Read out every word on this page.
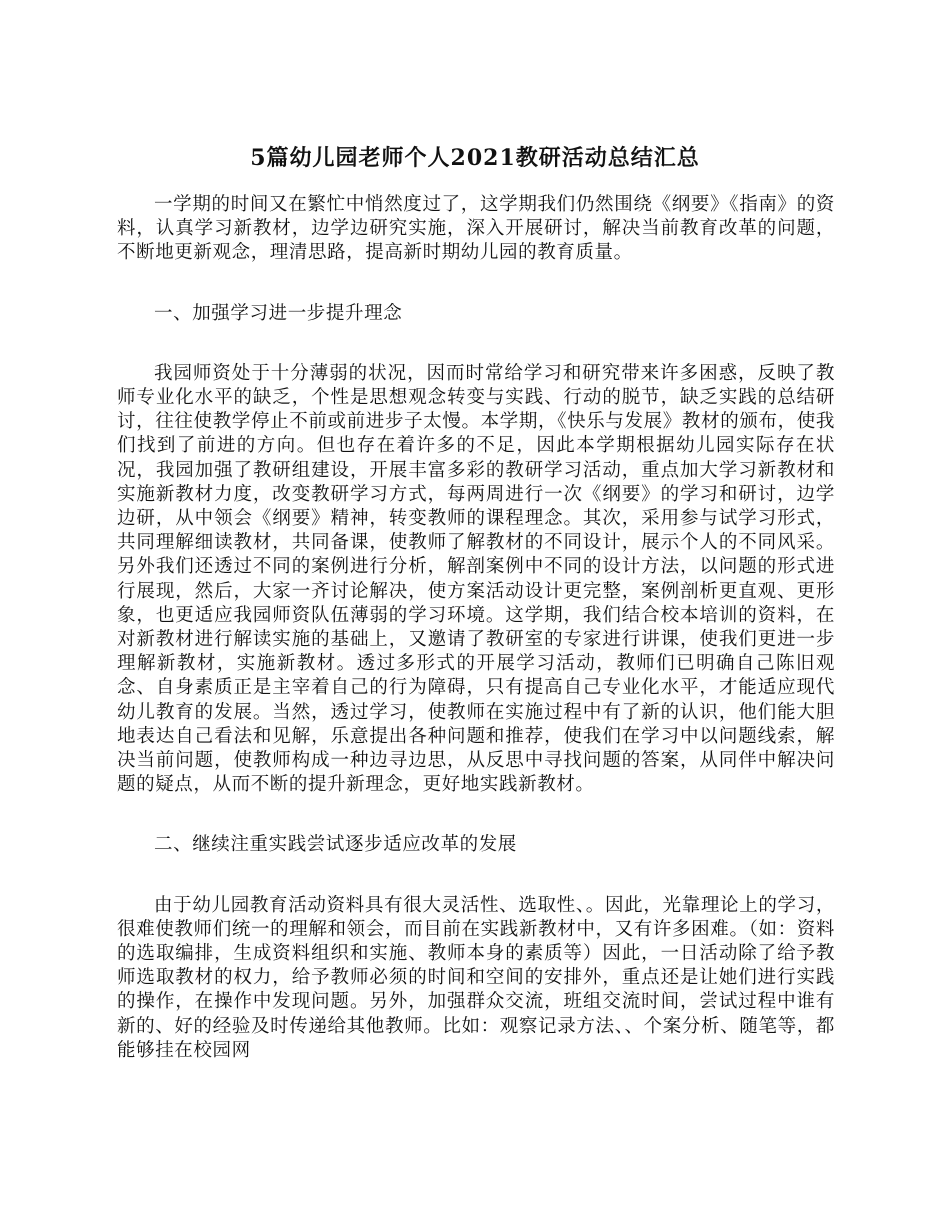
5篇幼儿园老师个人2021教研活动总结汇总

一学期的时间又在繁忙中悄然度过了，这学期我们仍然围绕《纲要》《指南》的资料，认真学习新教材，边学边研究实施，深入开展研讨，解决当前教育改革的问题，不断地更新观念，理清思路，提高新时期幼儿园的教育质量。

一、加强学习进一步提升理念

我园师资处于十分薄弱的状况，因而时常给学习和研究带来许多困惑，反映了教师专业化水平的缺乏，个性是思想观念转变与实践、行动的脱节，缺乏实践的总结研讨，往往使教学停止不前或前进步子太慢。本学期，《快乐与发展》教材的颁布，使我们找到了前进的方向。但也存在着许多的不足，因此本学期根据幼儿园实际存在状况，我园加强了教研组建设，开展丰富多彩的教研学习活动，重点加大学习新教材和实施新教材力度，改变教研学习方式，每两周进行一次《纲要》的学习和研讨，边学边研，从中领会《纲要》精神，转变教师的课程理念。其次，采用参与试学习形式，共同理解细读教材，共同备课，使教师了解教材的不同设计，展示个人的不同风采。另外我们还透过不同的案例进行分析，解剖案例中不同的设计方法，以问题的形式进行展现，然后，大家一齐讨论解决，使方案活动设计更完整，案例剖析更直观、更形象，也更适应我园师资队伍薄弱的学习环境。这学期，我们结合校本培训的资料，在对新教材进行解读实施的基础上，又邀请了教研室的专家进行讲课，使我们更进一步理解新教材，实施新教材。透过多形式的开展学习活动，教师们已明确自己陈旧观念、自身素质正是主宰着自己的行为障碍，只有提高自己专业化水平，才能适应现代幼儿教育的发展。当然，透过学习，使教师在实施过程中有了新的认识，他们能大胆地表达自己看法和见解，乐意提出各种问题和推荐，使我们在学习中以问题线索，解决当前问题，使教师构成一种边寻边思，从反思中寻找问题的答案，从同伴中解决问题的疑点，从而不断的提升新理念，更好地实践新教材。

二、继续注重实践尝试逐步适应改革的发展

由于幼儿园教育活动资料具有很大灵活性、选取性、。因此，光靠理论上的学习，很难使教师们统一的理解和领会，而目前在实践新教材中，又有许多困难。（如：资料的选取编排，生成资料组织和实施、教师本身的素质等）因此，一日活动除了给予教师选取教材的权力，给予教师必须的时间和空间的安排外，重点还是让她们进行实践的操作，在操作中发现问题。另外，加强群众交流，班组交流时间，尝试过程中谁有新的、好的经验及时传递给其他教师。比如：观察记录方法、、个案分析、随笔等，都能够挂在校园网
